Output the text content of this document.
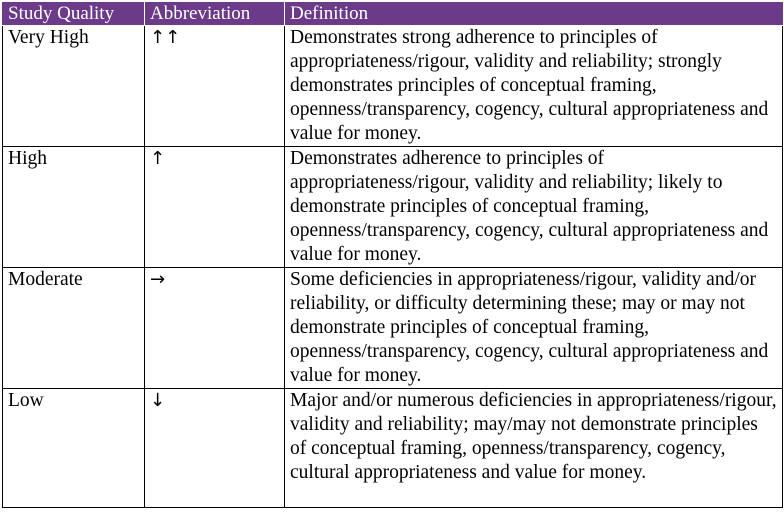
Study Quality	Abbreviation	Definition
Very High	↑↑	Demonstrates strong adherence to principles of appropriateness/rigour, validity and reliability; strongly demonstrates principles of conceptual framing, openness/transparency, cogency, cultural appropriateness and value for money.
High	↑	Demonstrates adherence to principles of appropriateness/rigour, validity and reliability; likely to demonstrate principles of conceptual framing, openness/transparency, cogency, cultural appropriateness and value for money.
Moderate	→	Some deficiencies in appropriateness/rigour, validity and/or reliability, or difficulty determining these; may or may not demonstrate principles of conceptual framing, openness/transparency, cogency, cultural appropriateness and value for money.
Low	↓	Major and/or numerous deficiencies in appropriateness/rigour, validity and reliability; may/may not demonstrate principles of conceptual framing, openness/transparency, cogency, cultural appropriateness and value for money.
